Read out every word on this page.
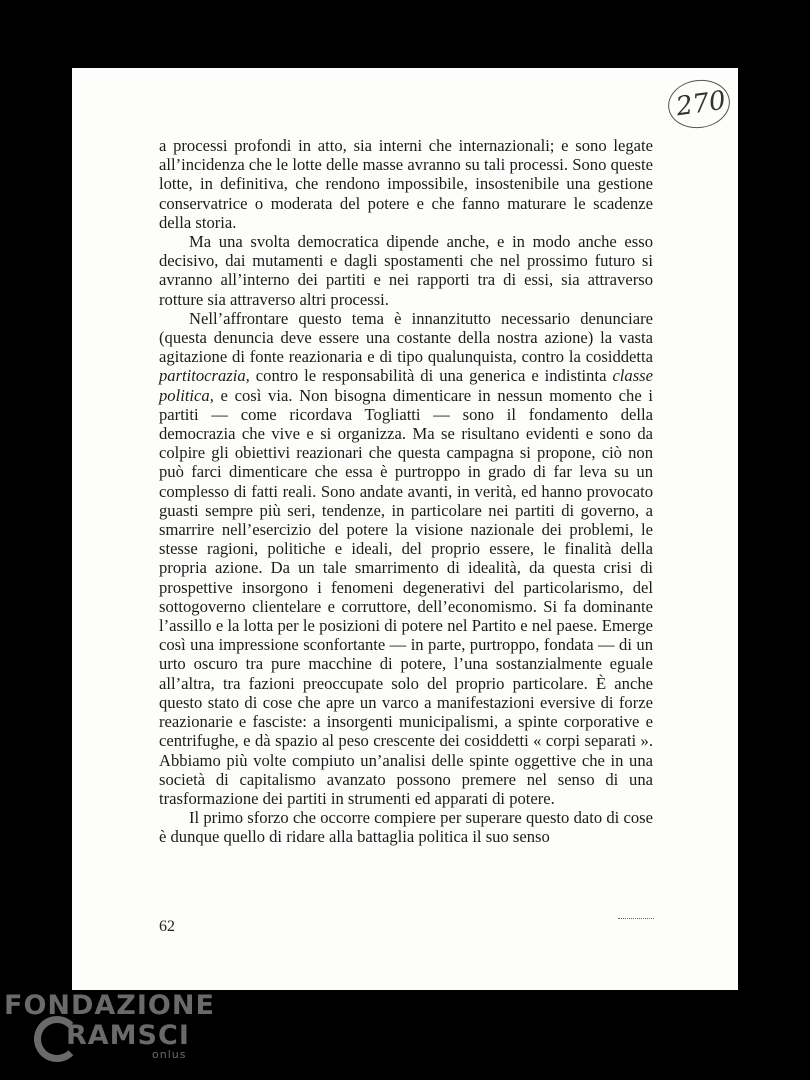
270

a processi profondi in atto, sia interni che internazionali; e sono legate all’incidenza che le lotte delle masse avranno su tali processi. Sono queste lotte, in definitiva, che rendono impossibile, insostenibile una gestione conservatrice o moderata del potere e che fanno maturare le scadenze della storia.

Ma una svolta democratica dipende anche, e in modo anche esso decisivo, dai mutamenti e dagli spostamenti che nel prossimo futuro si avranno all’interno dei partiti e nei rapporti tra di essi, sia attraverso rotture sia attraverso altri processi.

Nell’affrontare questo tema è innanzitutto necessario denunciare (questa denuncia deve essere una costante della nostra azione) la vasta agitazione di fonte reazionaria e di tipo qualunquista, contro la cosiddetta partitocrazia, contro le responsabilità di una generica e indistinta classe politica, e così via. Non bisogna dimenticare in nessun momento che i partiti — come ricordava Togliatti — sono il fondamento della democrazia che vive e si organizza. Ma se risultano evidenti e sono da colpire gli obiettivi reazionari che questa campagna si propone, ciò non può farci dimenticare che essa è purtroppo in grado di far leva su un complesso di fatti reali. Sono andate avanti, in verità, ed hanno provocato guasti sempre più seri, tendenze, in particolare nei partiti di governo, a smarrire nell’esercizio del potere la visione nazionale dei problemi, le stesse ragioni, politiche e ideali, del proprio essere, le finalità della propria azione. Da un tale smarrimento di idealità, da questa crisi di prospettive insorgono i fenomeni degenerativi del particolarismo, del sottogoverno clientelare e corruttore, dell’economismo. Si fa dominante l’assillo e la lotta per le posizioni di potere nel Partito e nel paese. Emerge così una impressione sconfortante — in parte, purtroppo, fondata — di un urto oscuro tra pure macchine di potere, l’una sostanzialmente eguale all’altra, tra fazioni preoccupate solo del proprio particolare. È anche questo stato di cose che apre un varco a manifestazioni eversive di forze reazionarie e fasciste: a insorgenti municipalismi, a spinte corporative e centrifughe, e dà spazio al peso crescente dei cosiddetti « corpi separati ». Abbiamo più volte compiuto un’analisi delle spinte oggettive che in una società di capitalismo avanzato possono premere nel senso di una trasformazione dei partiti in strumenti ed apparati di potere.

Il primo sforzo che occorre compiere per superare questo dato di cose è dunque quello di ridare alla battaglia politica il suo senso

62
FONDAZIONE
RAMSCI
onlus
